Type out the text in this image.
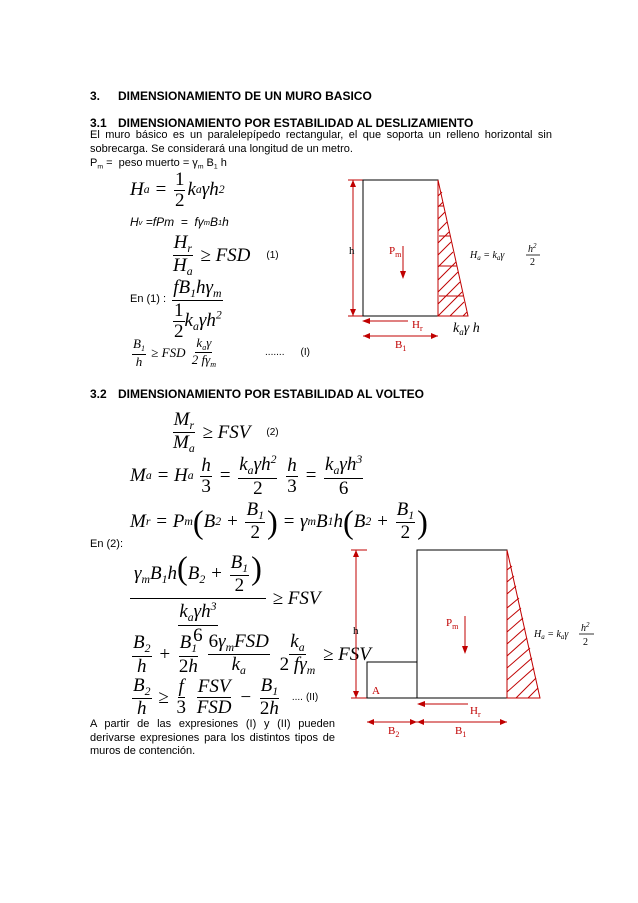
3. DIMENSIONAMIENTO DE UN MURO BASICO
3.1 DIMENSIONAMIENTO POR ESTABILIDAD AL DESLIZAMIENTO
El muro básico es un paralelepípedo rectangular, el que soporta un relleno horizontal sin sobrecarga. Se considerará una longitud de un metro.
$P_m$ =  peso muerto = $\gamma_m$ $B_1$ h
H $a = \frac{1}{2}$ k a γ h 2
H v = f Pm  = f γ m B 1 h
$\frac{H_r}{H_a}$ ≥ FSD (1)
En (1) : $\frac{fB_1h\gamma_m}{\frac{1}{2} k_a\gamma h^2}$
$\frac{B_1}{h}$ ≥ FSD
$\frac{k_a\gamma}{2 f\gamma_m}$	....... (I)
h	$P_m$	$H_a = k_a\gamma$
$h^2$
2
$H_r$
$B_1$
$k_a\gamma$ h
3.2 DIMENSIONAMIENTO POR ESTABILIDAD AL VOLTEO
$\frac{M_r}{M_a}$ ≥ FSV (2)
M a = H a
$\frac{h}{3} = \frac{k_a\gamma h^2}{2}$
$\frac{h}{3} = \frac{k_a\gamma h^3}{6}$
M r = P m ( B $2 + \frac{B_1}{2}$ ) = γ m B 1 h ( B $2 + \frac{B_1}{2}$ )
En (2):
$\frac{\gamma_mB_1h(B_2 + \frac{B_1}{2} )}{\frac{k_a\gamma h^3}{6}}$ ≥ FSV
$\frac{B_2}{h} + \frac{B_1}{2h}$
$\frac{6\gamma_mFSD}{k_a}$
$\frac{k_a}{2 f\gamma_m}$ ≥ FSV
$\frac{B_2}{h} \ge \frac{f}{3}$
$\frac{\text{FSV}}{\text{FSD}} - \frac{B_1}{2h}$ .... (II)
A partir de las expresiones (I) y (II) pueden derivarse expresiones para los distintos tipos de muros de contención.
h
A
$P_m$
$H_a = k_a\gamma$
$h^2$
2
$H_r$
$B_2$	$B_1$
